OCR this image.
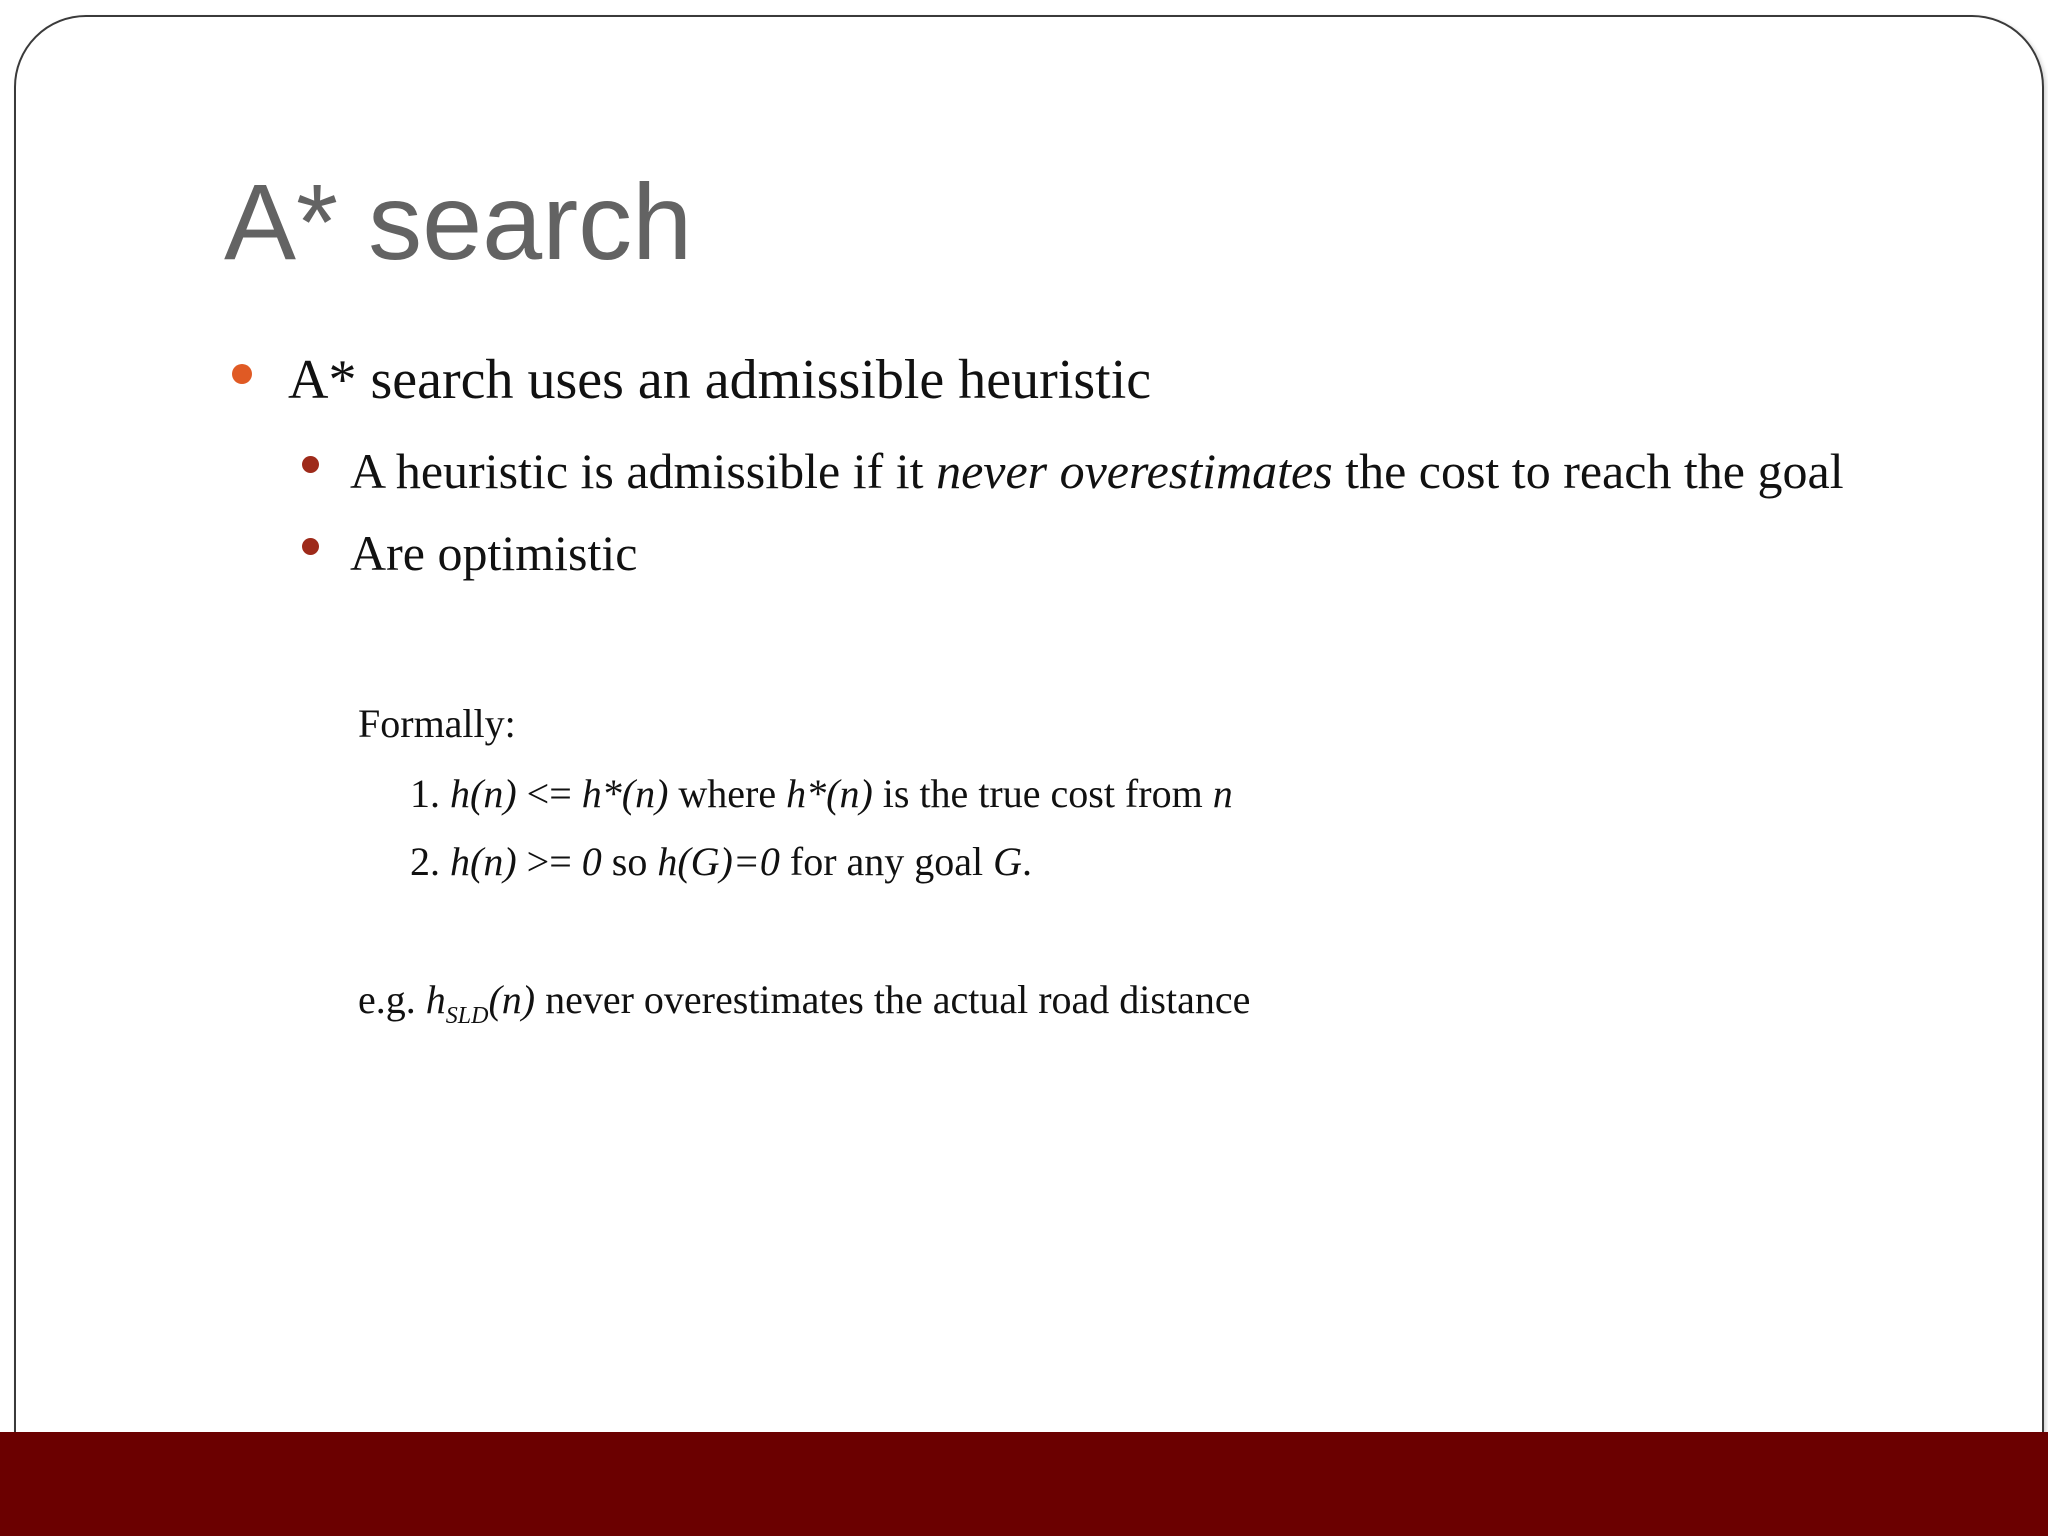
A* search
A* search uses an admissible heuristic
A heuristic is admissible if it never overestimates the cost to reach the goal
Are optimistic
Formally:
1. h(n) <= h*(n) where h*(n) is the true cost from n
2. h(n) >= 0 so h(G)=0 for any goal G.
e.g. $h_{SLD}(n)$ never overestimates the actual road distance
